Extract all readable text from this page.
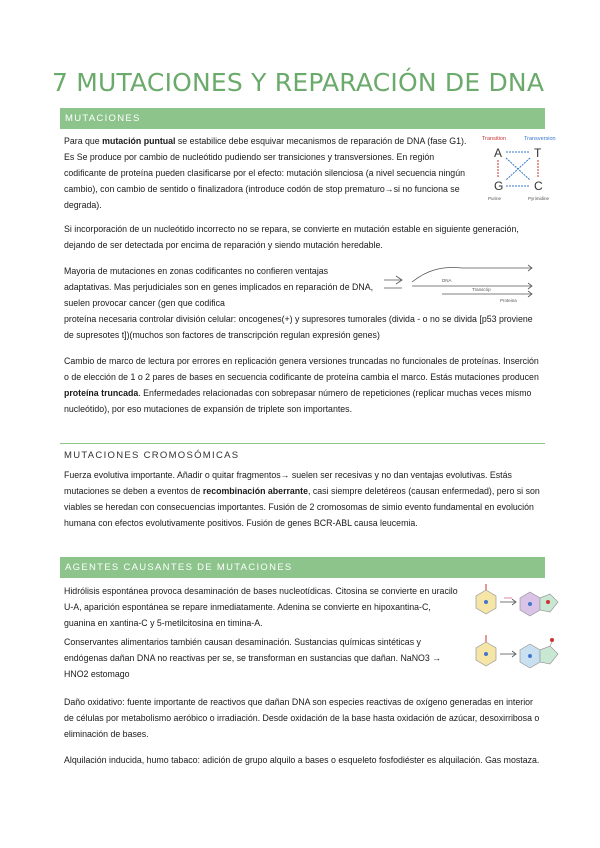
7 MUTACIONES Y REPARACIÓN DE DNA
MUTACIONES

Para que mutación puntual se estabilice debe esquivar mecanismos de reparación de DNA (fase G1). Es Se produce por cambio de nucleótido pudiendo ser transiciones y transversiones. En región codificante de proteína pueden clasificarse por el efecto: mutación silenciosa (a nivel secuencia ningún cambio), con cambio de sentido o finalizadora (introduce codón de stop prematuro→si no funciona se degrada).

Transition	Transversion
A	T
G	C
Purine	Pyrimidine

Si incorporación de un nucleótido incorrecto no se repara, se convierte en mutación estable en siguiente generación, dejando de ser detectada por encima de reparación y siendo mutación heredable.

Mayoria de mutaciones en zonas codificantes no confieren ventajas adaptativas. Mas perjudiciales son en genes implicados en reparación de DNA, suelen provocar cancer (gen que codifica

proteína necesaria controlar división celular: oncogenes(+) y supresores tumorales (divida - o no se divida [p53 proviene de supresotes t])(muchos son factores de transcripción regulan expresión genes)

DNA
Transcrip
Proteina

Cambio de marco de lectura por errores en replicación genera versiones truncadas no funcionales de proteínas. Inserción o de elección de 1 o 2 pares de bases en secuencia codificante de proteína cambia el marco. Estás mutaciones producen proteína truncada. Enfermedades relacionadas con sobrepasar número de repeticiones (replicar muchas veces mismo nucleótido), por eso mutaciones de expansión de triplete son importantes.

MUTACIONES CROMOSÓMICAS

Fuerza evolutiva importante. Añadir o quitar fragmentos→ suelen ser recesivas y no dan ventajas evolutivas. Estás mutaciones se deben a eventos de recombinación aberrante, casi siempre deletéreos (causan enfermedad), pero si son viables se heredan con consecuencias importantes. Fusión de 2 cromosomas de simio evento fundamental en evolución humana con efectos evolutivamente positivos. Fusión de genes BCR-ABL causa leucemia.

AGENTES CAUSANTES DE MUTACIONES

Hidrólisis espontánea provoca desaminación de bases nucleotídicas. Citosina se convierte en uracilo U-A, aparición espontánea se repare inmediatamente. Adenina se convierte en hipoxantina-C, guanina en xantina-C y 5-metilcitosina en timina-A.

Conservantes alimentarios también causan desaminación. Sustancias químicas sintéticas y endógenas dañan DNA no reactivas per se, se transforman en sustancias que dañan. NaNO3 → HNO2 estomago

Daño oxidativo: fuente importante de reactivos que dañan DNA son especies reactivas de oxígeno generadas en interior de células por metabolismo aeróbico o irradiación. Desde oxidación de la base hasta oxidación de azúcar, desoxirribosa o eliminación de bases.

Alquilación inducida, humo tabaco: adición de grupo alquilo a bases o esqueleto fosfodiéster es alquilación. Gas mostaza.
